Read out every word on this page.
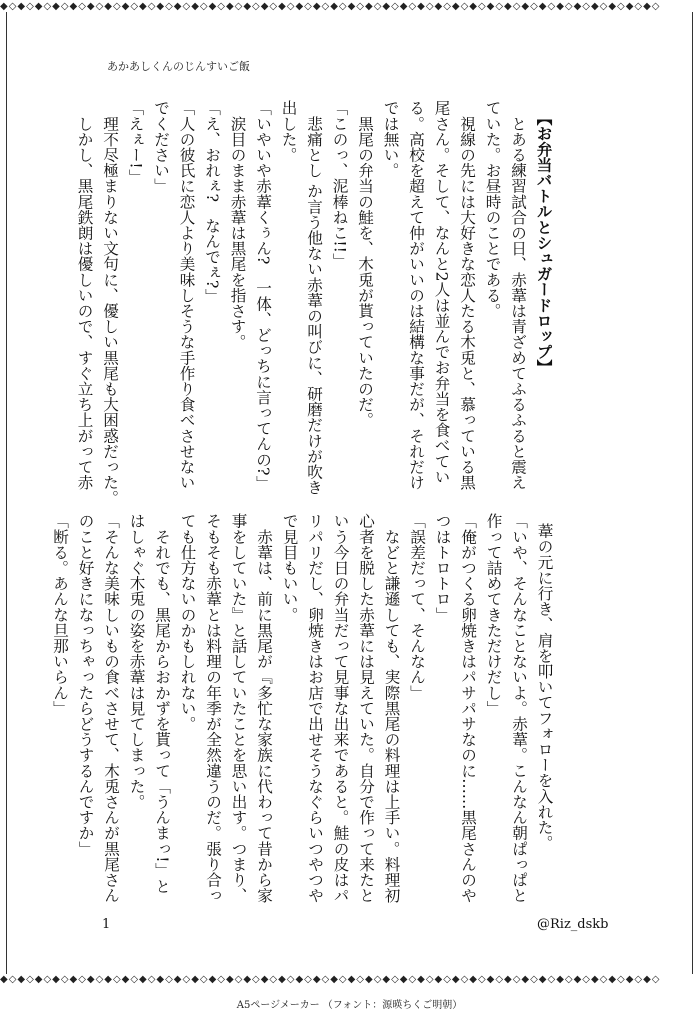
◆◇◆◇◆◇◆◇◆◇◆◇◆◇◆◇◆◇◆◇◆◇◆◇◆◇◆◇◆◇◆◇◆◇◆◇◆◇◆◇◆◇◆◇◆◇◆◇◆◇◆◇◆◇◆◇◆◇◆◇◆◇◆◇◆◇◆◇◆◇◆◇◆◇◆◇
◆◇◆◇◆◇◆◇◆◇◆◇◆◇◆◇◆◇◆◇◆◇◆◇◆◇◆◇◆◇◆◇◆◇◆◇◆◇◆◇◆◇◆◇◆◇◆◇◆◇◆◇◆◇◆◇◆◇◆◇◆◇◆◇◆◇◆◇◆◇◆◇◆◇◆◇
あかあしくんのじんすいご飯

【お弁当バトルとシュガードロップ】
　とある練習試合の日、赤葦は青ざめてふるふると震え
ていた。お昼時のことである。
　視線の先には大好きな恋人たる木兎と、慕っている黒
尾さん。そして、なんと2人は並んでお弁当を食べてい
る。高校を超えて仲がいいのは結構な事だが、それだけ
では無い。
　黒尾の弁当の鮭を、木兎が貰っていたのだ。
「このっ、泥棒ねこ!!」
　悲痛とし か言う他ない赤葦の叫びに、研磨だけが吹き
出した。
「いやいや赤葦くぅん?　一体、どっちに言ってんの?」
　涙目のまま赤葦は黒尾を指さす。
「え、おれぇ?　なんでぇ?」
「人の彼氏に恋人より美味しそうな手作り食べさせない
でください」
「えぇー!」
　理不尽極まりない文句に、優しい黒尾も大困惑だった。
　しかし、黒尾鉄朗は優しいので、すぐ立ち上がって赤

葦の元に行き、肩を叩いてフォローを入れた。
「いや、そんなことないよ。赤葦。こんなん朝ぱっぱと
作って詰めてきただけだし」
「俺がつくる卵焼きはパサパサなのに……黒尾さんのや
つはトロトロ」
「誤差だって、そんなん」
　などと謙遜しても、実際黒尾の料理は上手い。料理初
心者を脱した赤葦には見えていた。自分で作って来たと
いう今日の弁当だって見事な出来であると。鮭の皮はパ
リパリだし、卵焼きはお店で出せそうなぐらいつやつや
で見目もいい。
　赤葦は、前に黒尾が『多忙な家族に代わって昔から家
事をしていた』と話していたことを思い出す。つまり、
そもそも赤葦とは料理の年季が全然違うのだ。張り合っ
ても仕方ないのかもしれない。
　それでも、黒尾からおかずを貰って「うんまっ!」と
はしゃぐ木兎の姿を赤葦は見てしまった。
「そんな美味しいもの食べさせて、木兎さんが黒尾さん
のこと好きになっちゃったらどうするんですか」
「断る。あんな旦那いらん」

1	@Riz_dskb
A5ページメーカー （フォント：源暎ちくご明朝）
